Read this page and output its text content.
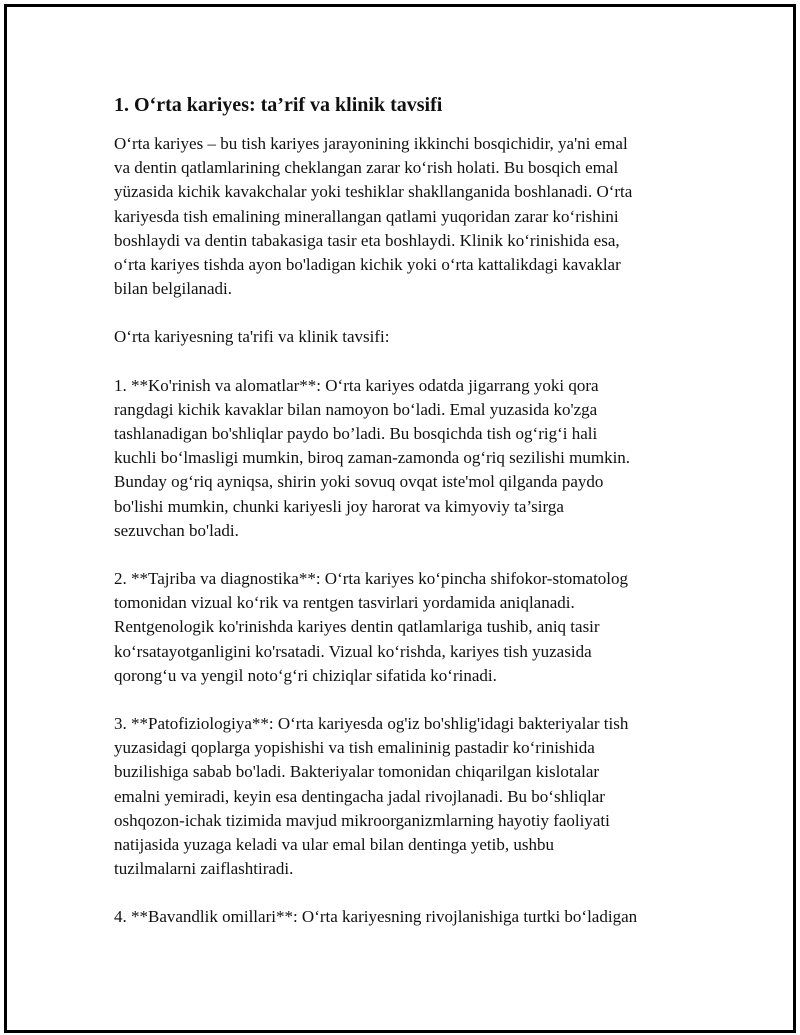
1. O‘rta kariyes: ta’rif va klinik tavsifi
O‘rta kariyes – bu tish kariyes jarayonining ikkinchi bosqichidir, ya'ni emal
va dentin qatlamlarining cheklangan zarar ko‘rish holati. Bu bosqich emal
yüzasida kichik kavakchalar yoki teshiklar shakllanganida boshlanadi. O‘rta
kariyesda tish emalining minerallangan qatlami yuqoridan zarar ko‘rishini
boshlaydi va dentin tabakasiga tasir eta boshlaydi. Klinik ko‘rinishida esa,
o‘rta kariyes tishda ayon bo'ladigan kichik yoki o‘rta kattalikdagi kavaklar
bilan belgilanadi.
O‘rta kariyesning ta'rifi va klinik tavsifi:
1. **Ko'rinish va alomatlar**: O‘rta kariyes odatda jigarrang yoki qora
rangdagi kichik kavaklar bilan namoyon bo‘ladi. Emal yuzasida ko'zga
tashlanadigan bo'shliqlar paydo bo’ladi. Bu bosqichda tish og‘rig‘i hali
kuchli bo‘lmasligi mumkin, biroq zaman-zamonda og‘riq sezilishi mumkin.
Bunday og‘riq ayniqsa, shirin yoki sovuq ovqat iste'mol qilganda paydo
bo'lishi mumkin, chunki kariyesli joy harorat va kimyoviy ta’sirga
sezuvchan bo'ladi.
2. **Tajriba va diagnostika**: O‘rta kariyes ko‘pincha shifokor-stomatolog
tomonidan vizual ko‘rik va rentgen tasvirlari yordamida aniqlanadi.
Rentgenologik ko'rinishda kariyes dentin qatlamlariga tushib, aniq tasir
ko‘rsatayotganligini ko'rsatadi. Vizual ko‘rishda, kariyes tish yuzasida
qorong‘u va yengil noto‘g‘ri chiziqlar sifatida ko‘rinadi.
3. **Patofiziologiya**: O‘rta kariyesda og'iz bo'shlig'idagi bakteriyalar tish
yuzasidagi qoplarga yopishishi va tish emalininig pastadir ko‘rinishida
buzilishiga sabab bo'ladi. Bakteriyalar tomonidan chiqarilgan kislotalar
emalni yemiradi, keyin esa dentingacha jadal rivojlanadi. Bu bo‘shliqlar
oshqozon-ichak tizimida mavjud mikroorganizmlarning hayotiy faoliyati
natijasida yuzaga keladi va ular emal bilan dentinga yetib, ushbu
tuzilmalarni zaiflashtiradi.
4. **Bavandlik omillari**: O‘rta kariyesning rivojlanishiga turtki bo‘ladigan
